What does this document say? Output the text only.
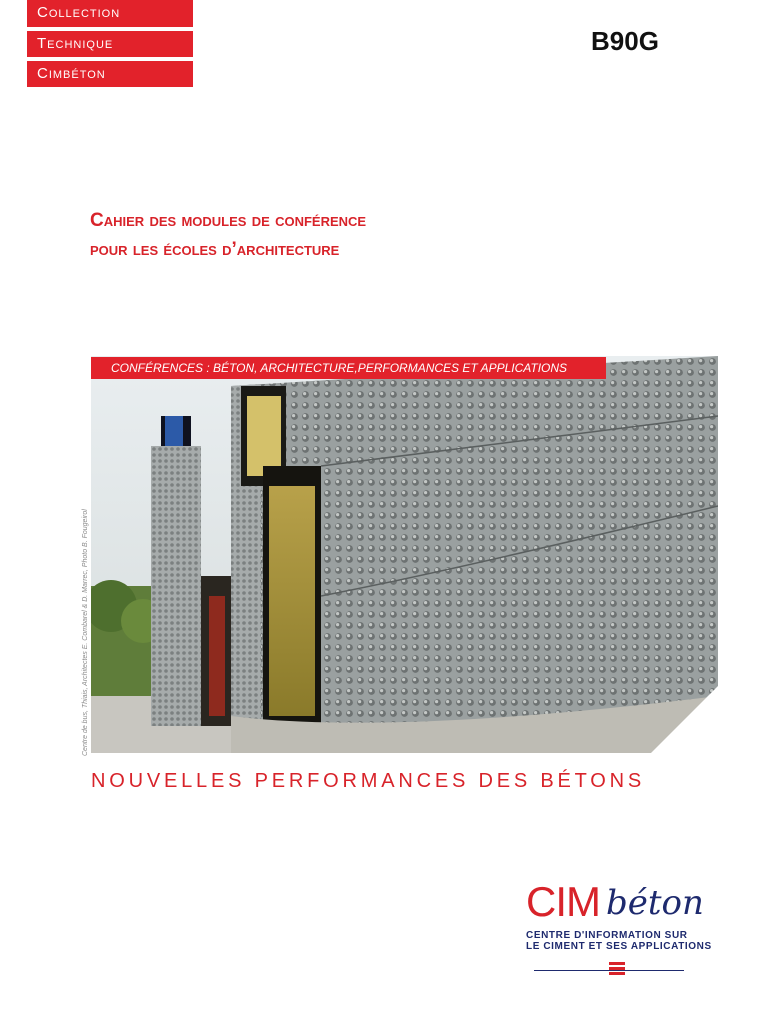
Collection
Technique
Cimbéton
B90G
Cahier des modules de conférence
pour les écoles d’architecture
CONFÉRENCES : BÉTON, ARCHITECTURE,PERFORMANCES ET APPLICATIONS
Centre de bus, Thiais, Architectes E. Combarel & D. Marrec, Photo B. Fougeirol
NOUVELLES PERFORMANCES DES BÉTONS
CIM béton
CENTRE D'INFORMATION SUR
LE CIMENT ET SES APPLICATIONS
